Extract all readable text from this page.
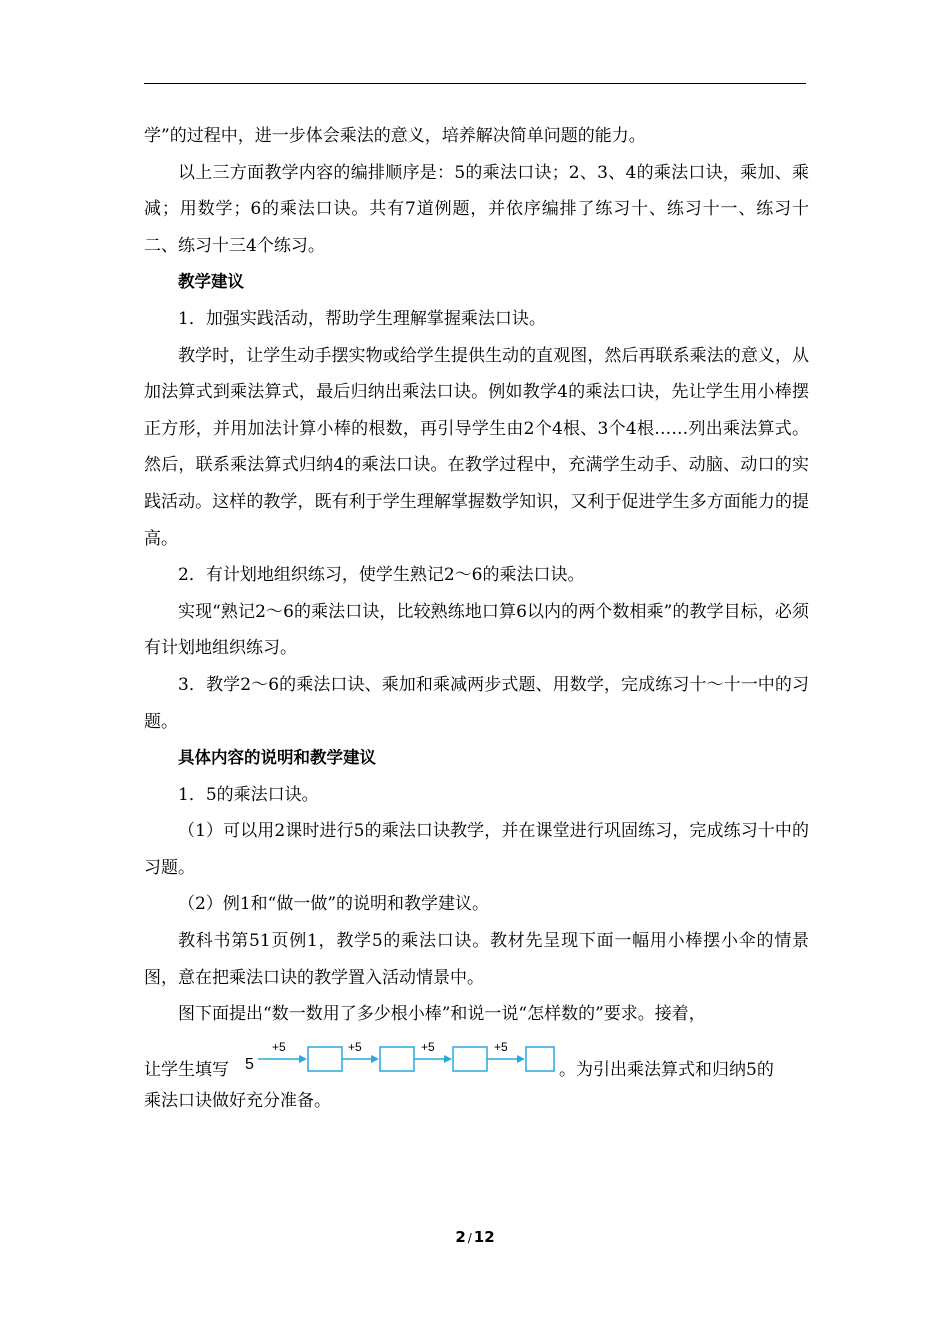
学”的过程中，进一步体会乘法的意义，培养解决简单问题的能力。

以上三方面教学内容的编排顺序是：5的乘法口诀；2、3、4的乘法口诀，乘加、乘减；用数学；6的乘法口诀。共有7道例题，并依序编排了练习十、练习十一、练习十二、练习十三4个练习。

教学建议

1．加强实践活动，帮助学生理解掌握乘法口诀。

教学时，让学生动手摆实物或给学生提供生动的直观图，然后再联系乘法的意义，从加法算式到乘法算式，最后归纳出乘法口诀。例如教学4的乘法口诀，先让学生用小棒摆正方形，并用加法计算小棒的根数，再引导学生由2个4根、3个4根……列出乘法算式。然后，联系乘法算式归纳4的乘法口诀。在教学过程中，充满学生动手、动脑、动口的实践活动。这样的教学，既有利于学生理解掌握数学知识，又利于促进学生多方面能力的提高。

2．有计划地组织练习，使学生熟记2～6的乘法口诀。

实现“熟记2～6的乘法口诀，比较熟练地口算6以内的两个数相乘”的教学目标，必须有计划地组织练习。

3．教学2～6的乘法口诀、乘加和乘减两步式题、用数学，完成练习十～十一中的习题。

具体内容的说明和教学建议

1．5的乘法口诀。

（1）可以用2课时进行5的乘法口诀教学，并在课堂进行巩固练习，完成练习十中的习题。

（2）例1和“做一做”的说明和教学建议。

教科书第51页例1，教学5的乘法口诀。教材先呈现下面一幅用小棒摆小伞的情景图，意在把乘法口诀的教学置入活动情景中。

图下面提出“数一数用了多少根小棒”和说一说“怎样数的”要求。接着，

让学生填写 5
+5	+5	+5	+5
。为引出乘法算式和归纳5的

乘法口诀做好充分准备。

2 / 12
